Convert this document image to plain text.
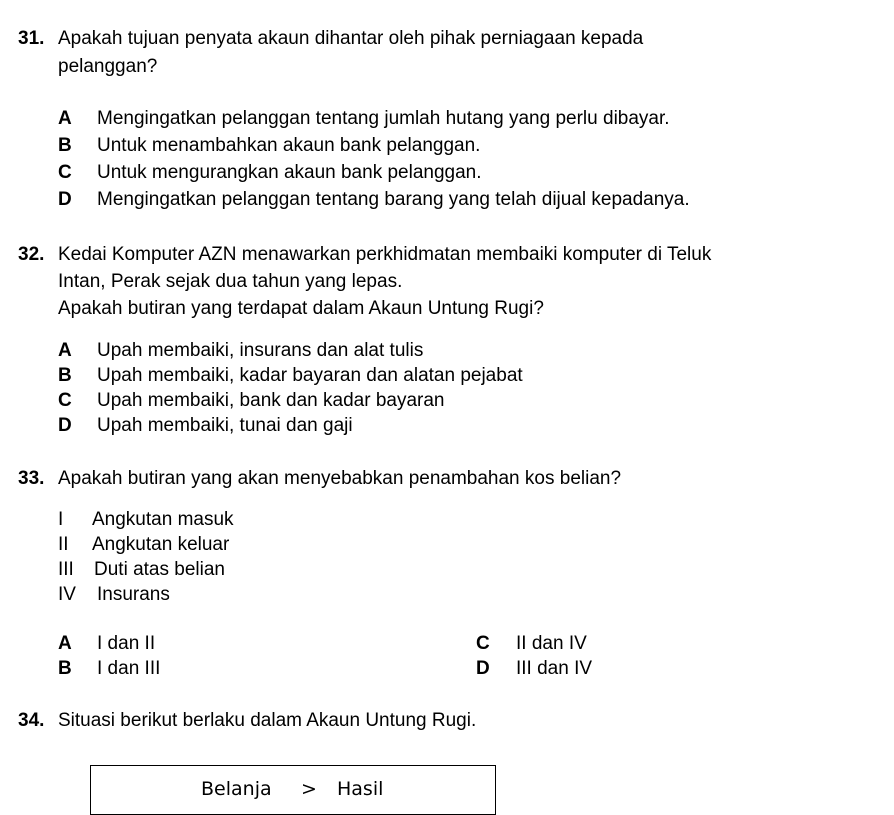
31. Apakah tujuan penyata akaun dihantar oleh pihak perniagaan kepada
pelanggan?
A Mengingatkan pelanggan tentang jumlah hutang yang perlu dibayar.
B Untuk menambahkan akaun bank pelanggan.
C Untuk mengurangkan akaun bank pelanggan.
D Mengingatkan pelanggan tentang barang yang telah dijual kepadanya.
32. Kedai Komputer AZN menawarkan perkhidmatan membaiki komputer di Teluk
Intan, Perak sejak dua tahun yang lepas.
Apakah butiran yang terdapat dalam Akaun Untung Rugi?
A Upah membaiki, insurans dan alat tulis
B Upah membaiki, kadar bayaran dan alatan pejabat
C Upah membaiki, bank dan kadar bayaran
D Upah membaiki, tunai dan gaji
33. Apakah butiran yang akan menyebabkan penambahan kos belian?
I Angkutan masuk
II Angkutan keluar
III Duti atas belian
IV Insurans
A I dan II
B I dan III
C II dan IV
D III dan IV
34. Situasi berikut berlaku dalam Akaun Untung Rugi.
Belanja > Hasil
